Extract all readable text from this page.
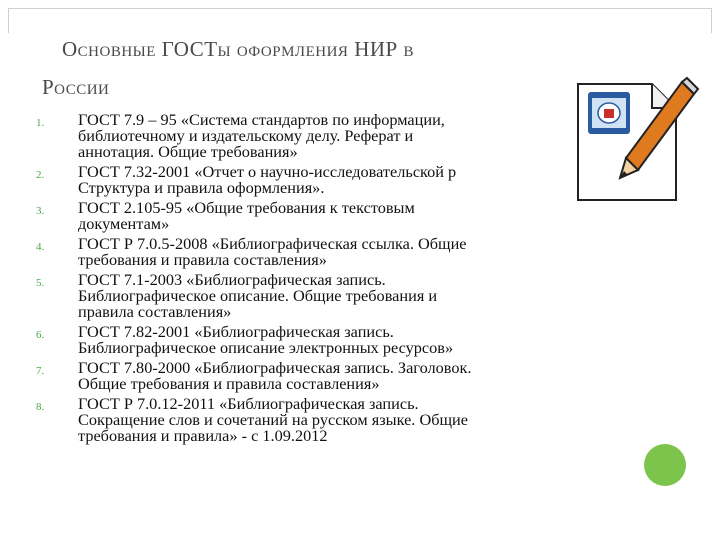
Основные ГОСТы оформления НИР в
России
1.	ГОСТ 7.9 – 95 «Система стандартов по информации,
библиотечному и издательскому делу. Реферат и
аннотация. Общие требования»
2.	ГОСТ 7.32-2001 «Отчет о научно-исследовательской р
Структура и правила оформления».
3.	ГОСТ 2.105-95 «Общие требования к текстовым
документам»
4.	ГОСТ Р 7.0.5-2008 «Библиографическая ссылка. Общие
требования и правила составления»
5.	ГОСТ 7.1-2003 «Библиографическая запись.
Библиографическое описание. Общие требования и
правила составления»
6.	ГОСТ 7.82-2001 «Библиографическая запись.
Библиографическое описание электронных ресурсов»
7.	ГОСТ 7.80-2000 «Библиографическая запись. Заголовок.
Общие требования и правила составления»
8.	ГОСТ Р 7.0.12-2011 «Библиографическая запись.
Сокращение слов и сочетаний на русском языке. Общие
требования и правила» - с 1.09.2012
